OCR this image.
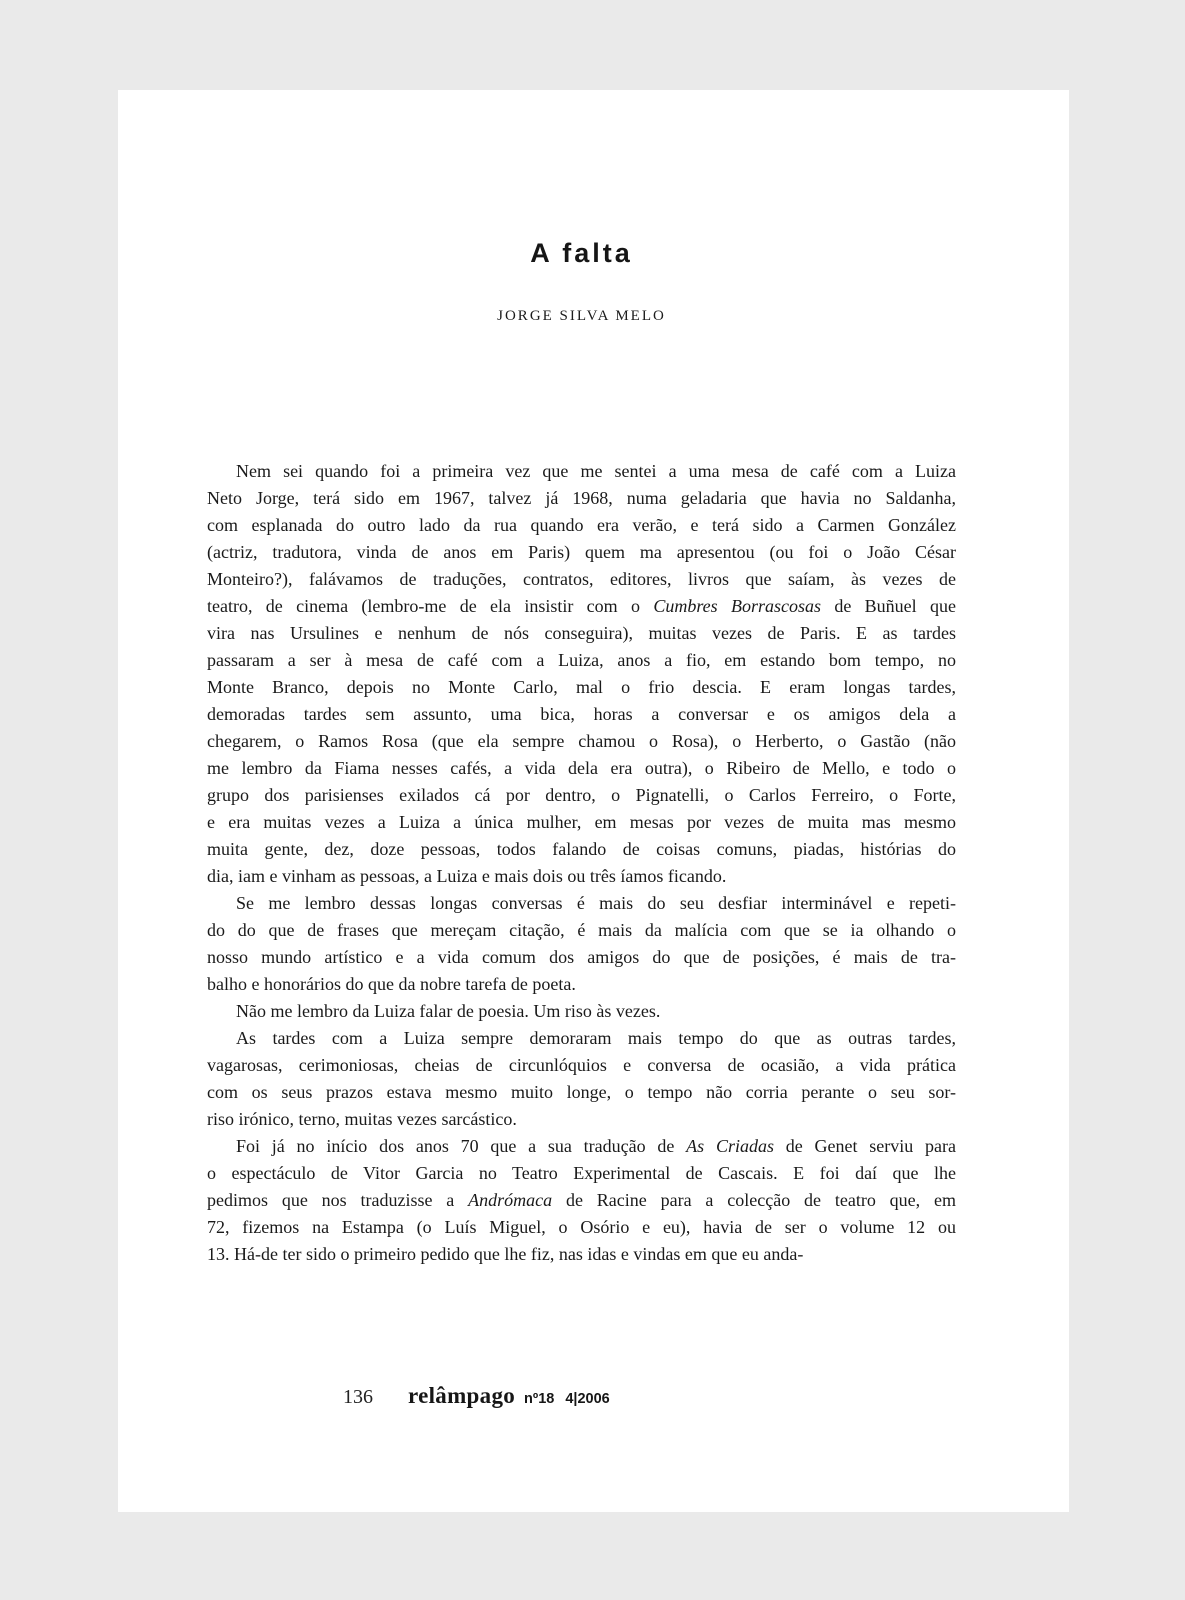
A falta
JORGE SILVA MELO
Nem sei quando foi a primeira vez que me sentei a uma mesa de café com a Luiza
Neto Jorge, terá sido em 1967, talvez já 1968, numa geladaria que havia no Saldanha,
com esplanada do outro lado da rua quando era verão, e terá sido a Carmen González
(actriz, tradutora, vinda de anos em Paris) quem ma apresentou (ou foi o João César
Monteiro?), falávamos de traduções, contratos, editores, livros que saíam, às vezes de
teatro, de cinema (lembro-me de ela insistir com o Cumbres Borrascosas de Buñuel que
vira nas Ursulines e nenhum de nós conseguira), muitas vezes de Paris. E as tardes
passaram a ser à mesa de café com a Luiza, anos a fio, em estando bom tempo, no
Monte Branco, depois no Monte Carlo, mal o frio descia. E eram longas tardes,
demoradas tardes sem assunto, uma bica, horas a conversar e os amigos dela a
chegarem, o Ramos Rosa (que ela sempre chamou o Rosa), o Herberto, o Gastão (não
me lembro da Fiama nesses cafés, a vida dela era outra), o Ribeiro de Mello, e todo o
grupo dos parisienses exilados cá por dentro, o Pignatelli, o Carlos Ferreiro, o Forte,
e era muitas vezes a Luiza a única mulher, em mesas por vezes de muita mas mesmo
muita gente, dez, doze pessoas, todos falando de coisas comuns, piadas, histórias do
dia, iam e vinham as pessoas, a Luiza e mais dois ou três íamos ficando.
Se me lembro dessas longas conversas é mais do seu desfiar interminável e repeti-
do do que de frases que mereçam citação, é mais da malícia com que se ia olhando o
nosso mundo artístico e a vida comum dos amigos do que de posições, é mais de tra-
balho e honorários do que da nobre tarefa de poeta.
Não me lembro da Luiza falar de poesia. Um riso às vezes.
As tardes com a Luiza sempre demoraram mais tempo do que as outras tardes,
vagarosas, cerimoniosas, cheias de circunlóquios e conversa de ocasião, a vida prática
com os seus prazos estava mesmo muito longe, o tempo não corria perante o seu sor-
riso irónico, terno, muitas vezes sarcástico.
Foi já no início dos anos 70 que a sua tradução de As Criadas de Genet serviu para
o espectáculo de Vitor Garcia no Teatro Experimental de Cascais. E foi daí que lhe
pedimos que nos traduzisse a Andrómaca de Racine para a colecção de teatro que, em
72, fizemos na Estampa (o Luís Miguel, o Osório e eu), havia de ser o volume 12 ou
13. Há-de ter sido o primeiro pedido que lhe fiz, nas idas e vindas em que eu anda-
136 relâmpago nº18 4|2006
